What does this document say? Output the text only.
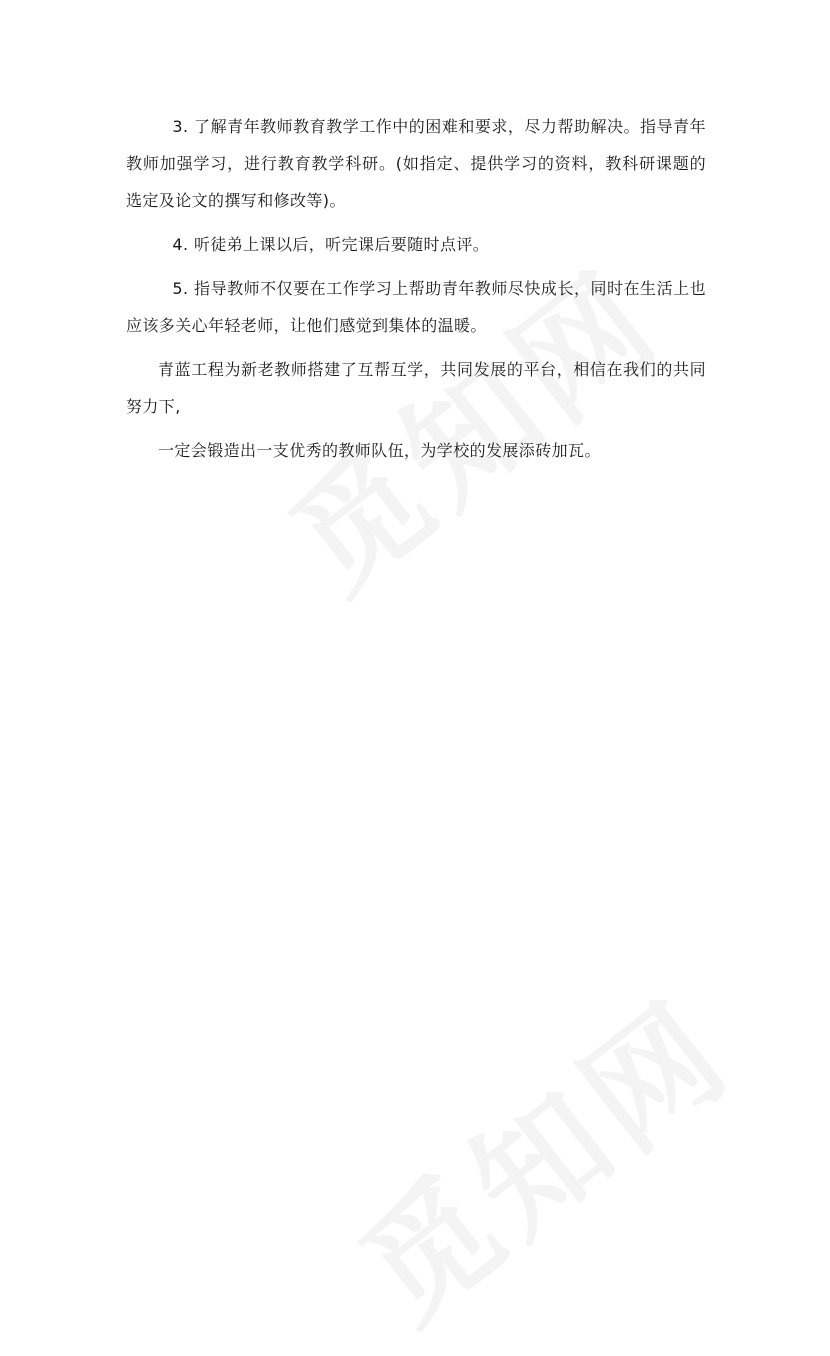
3. 了解青年教师教育教学工作中的困难和要求，尽力帮助解决。指导青年教师加强学习，进行教育教学科研。(如指定、提供学习的资料，教科研课题的选定及论文的撰写和修改等)。

4. 听徒弟上课以后，听完课后要随时点评。

5. 指导教师不仅要在工作学习上帮助青年教师尽快成长，同时在生活上也应该多关心年轻老师，让他们感觉到集体的温暖。

青蓝工程为新老教师搭建了互帮互学，共同发展的平台，相信在我们的共同努力下,

一定会锻造出一支优秀的教师队伍，为学校的发展添砖加瓦。
